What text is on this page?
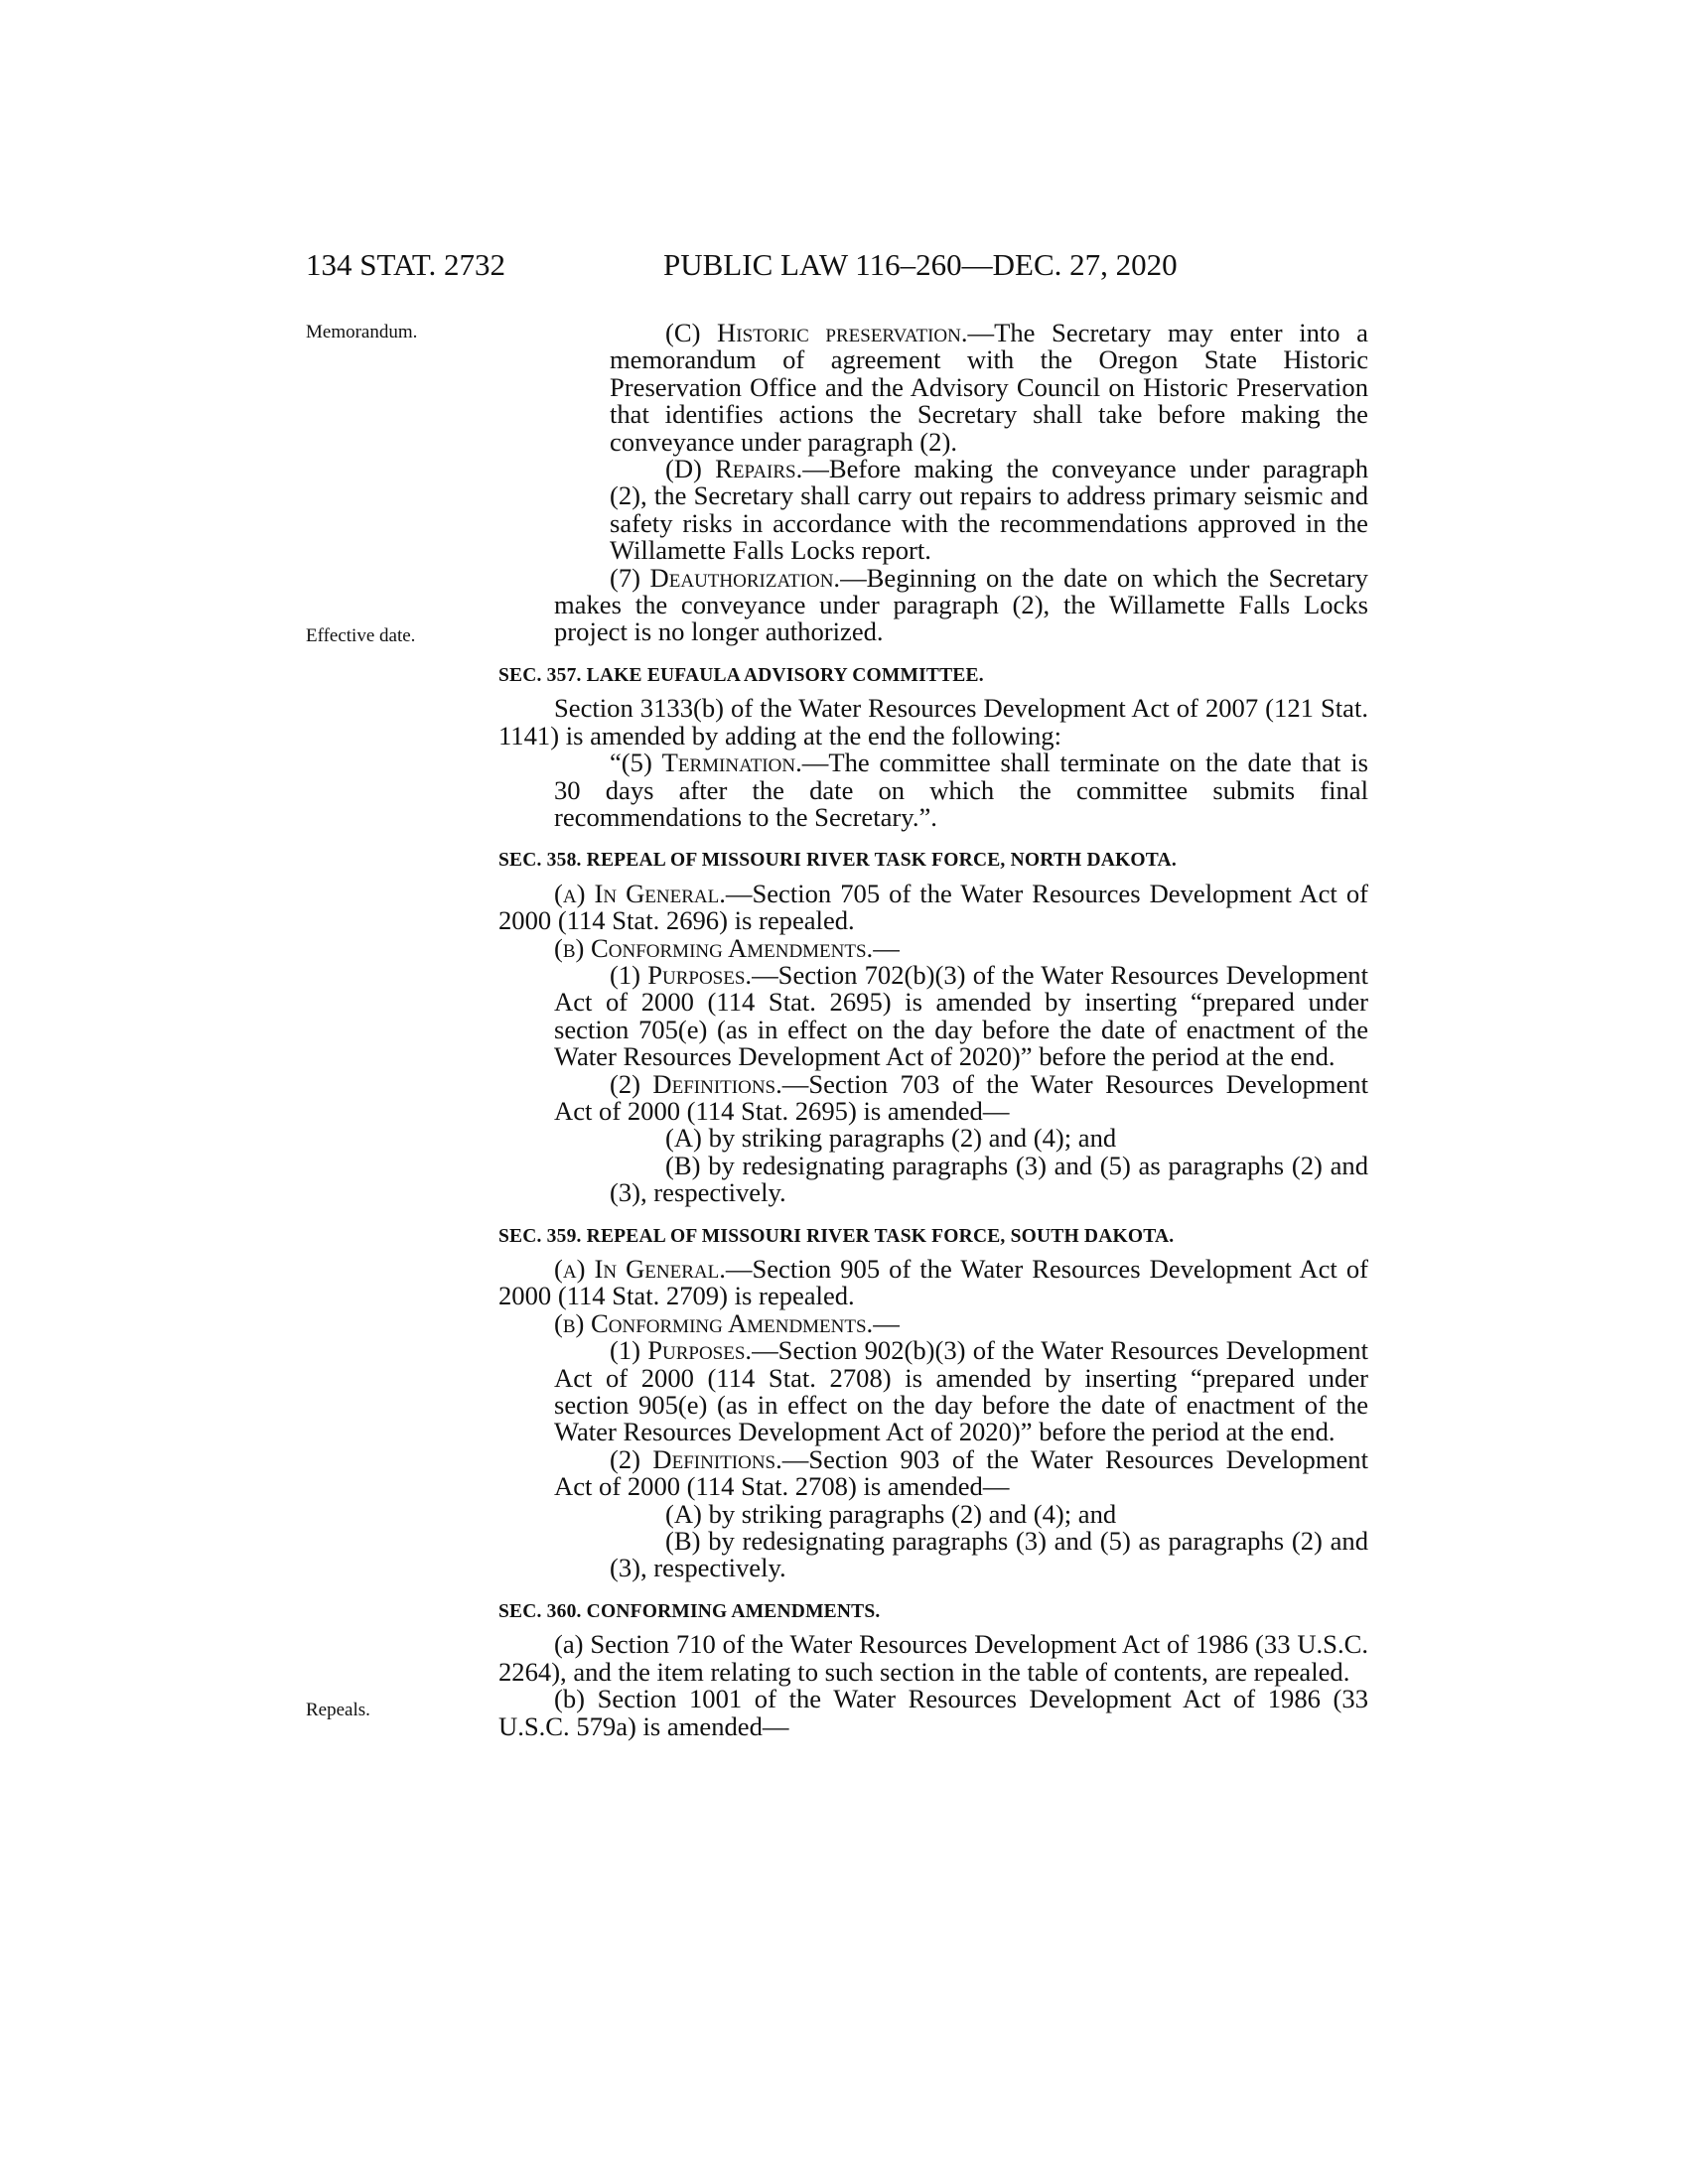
134 STAT. 2732	PUBLIC LAW 116–260—DEC. 27, 2020
Memorandum.
Effective date.
Repeals.

(C) Historic preservation.—The Secretary may enter into a memorandum of agreement with the Oregon State Historic Preservation Office and the Advisory Council on Historic Preservation that identifies actions the Secretary shall take before making the conveyance under paragraph (2).

(D) Repairs.—Before making the conveyance under paragraph (2), the Secretary shall carry out repairs to address primary seismic and safety risks in accordance with the recommendations approved in the Willamette Falls Locks report.

(7) Deauthorization.—Beginning on the date on which the Secretary makes the conveyance under paragraph (2), the Willamette Falls Locks project is no longer authorized.

SEC. 357. LAKE EUFAULA ADVISORY COMMITTEE.

Section 3133(b) of the Water Resources Development Act of 2007 (121 Stat. 1141) is amended by adding at the end the following:

“(5) Termination.—The committee shall terminate on the date that is 30 days after the date on which the committee submits final recommendations to the Secretary.”.

SEC. 358. REPEAL OF MISSOURI RIVER TASK FORCE, NORTH DAKOTA.

(a) In General.—Section 705 of the Water Resources Development Act of 2000 (114 Stat. 2696) is repealed.

(b) Conforming Amendments.—

(1) Purposes.—Section 702(b)(3) of the Water Resources Development Act of 2000 (114 Stat. 2695) is amended by inserting “prepared under section 705(e) (as in effect on the day before the date of enactment of the Water Resources Development Act of 2020)” before the period at the end.

(2) Definitions.—Section 703 of the Water Resources Development Act of 2000 (114 Stat. 2695) is amended—

(A) by striking paragraphs (2) and (4); and

(B) by redesignating paragraphs (3) and (5) as paragraphs (2) and (3), respectively.

SEC. 359. REPEAL OF MISSOURI RIVER TASK FORCE, SOUTH DAKOTA.

(a) In General.—Section 905 of the Water Resources Development Act of 2000 (114 Stat. 2709) is repealed.

(b) Conforming Amendments.—

(1) Purposes.—Section 902(b)(3) of the Water Resources Development Act of 2000 (114 Stat. 2708) is amended by inserting “prepared under section 905(e) (as in effect on the day before the date of enactment of the Water Resources Development Act of 2020)” before the period at the end.

(2) Definitions.—Section 903 of the Water Resources Development Act of 2000 (114 Stat. 2708) is amended—

(A) by striking paragraphs (2) and (4); and

(B) by redesignating paragraphs (3) and (5) as paragraphs (2) and (3), respectively.

SEC. 360. CONFORMING AMENDMENTS.

(a) Section 710 of the Water Resources Development Act of 1986 (33 U.S.C. 2264), and the item relating to such section in the table of contents, are repealed.

(b) Section 1001 of the Water Resources Development Act of 1986 (33 U.S.C. 579a) is amended—
